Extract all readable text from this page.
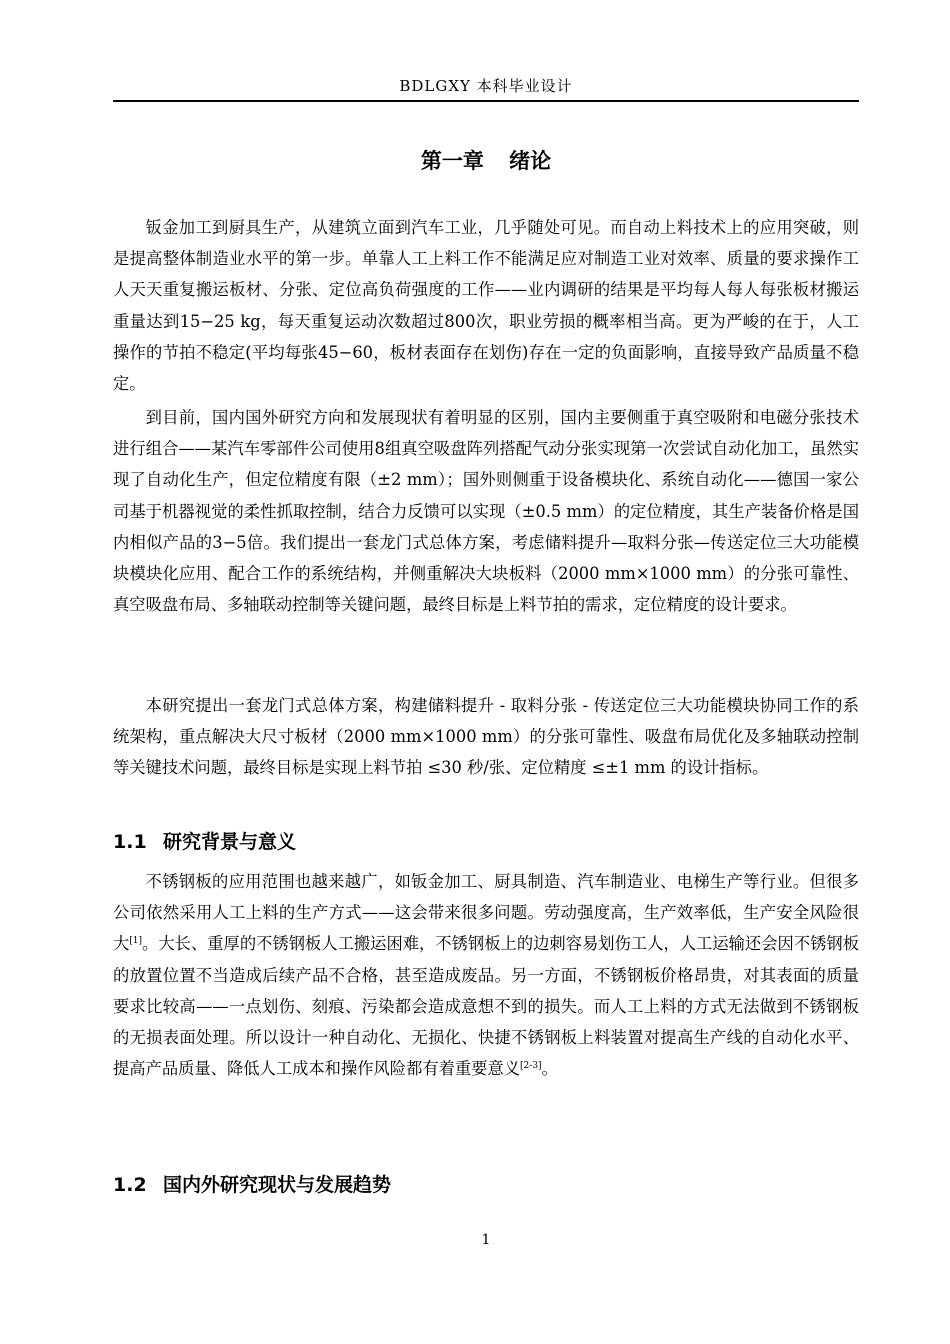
BDLGXY 本科毕业设计
第一章 绪论

钣金加工到厨具生产，从建筑立面到汽车工业，几乎随处可见。而自动上料技术上的应用突破，则是提高整体制造业水平的第一步。单靠人工上料工作不能满足应对制造工业对效率、质量的要求操作工人天天重复搬运板材、分张、定位高负荷强度的工作——业内调研的结果是平均每人每人每张板材搬运重量达到15−25 kg，每天重复运动次数超过800次，职业劳损的概率相当高。更为严峻的在于，人工操作的节拍不稳定(平均每张45−60，板材表面存在划伤)存在一定的负面影响，直接导致产品质量不稳定。

到目前，国内国外研究方向和发展现状有着明显的区别，国内主要侧重于真空吸附和电磁分张技术进行组合——某汽车零部件公司使用8组真空吸盘阵列搭配气动分张实现第一次尝试自动化加工，虽然实现了自动化生产，但定位精度有限（±2 mm）；国外则侧重于设备模块化、系统自动化——德国一家公司基于机器视觉的柔性抓取控制，结合力反馈可以实现（±0.5 mm）的定位精度，其生产装备价格是国内相似产品的3−5倍。我们提出一套龙门式总体方案，考虑储料提升—取料分张—传送定位三大功能模块模块化应用、配合工作的系统结构，并侧重解决大块板料（2000 mm×1000 mm）的分张可靠性、真空吸盘布局、多轴联动控制等关键问题，最终目标是上料节拍的需求，定位精度的设计要求。

本研究提出一套龙门式总体方案，构建储料提升 - 取料分张 - 传送定位三大功能模块协同工作的系统架构，重点解决大尺寸板材（2000 mm×1000 mm）的分张可靠性、吸盘布局优化及多轴联动控制等关键技术问题，最终目标是实现上料节拍 ≤30 秒/张、定位精度 ≤±1 mm 的设计指标。

1.1 研究背景与意义

不锈钢板的应用范围也越来越广，如钣金加工、厨具制造、汽车制造业、电梯生产等行业。但很多公司依然采用人工上料的生产方式——这会带来很多问题。劳动强度高，生产效率低，生产安全风险很大[1]。大长、重厚的不锈钢板人工搬运困难，不锈钢板上的边刺容易划伤工人，人工运输还会因不锈钢板的放置位置不当造成后续产品不合格，甚至造成废品。另一方面，不锈钢板价格昂贵，对其表面的质量要求比较高——一点划伤、刻痕、污染都会造成意想不到的损失。而人工上料的方式无法做到不锈钢板的无损表面处理。所以设计一种自动化、无损化、快捷不锈钢板上料装置对提高生产线的自动化水平、提高产品质量、降低人工成本和操作风险都有着重要意义[2-3]。

1.2 国内外研究现状与发展趋势
1
